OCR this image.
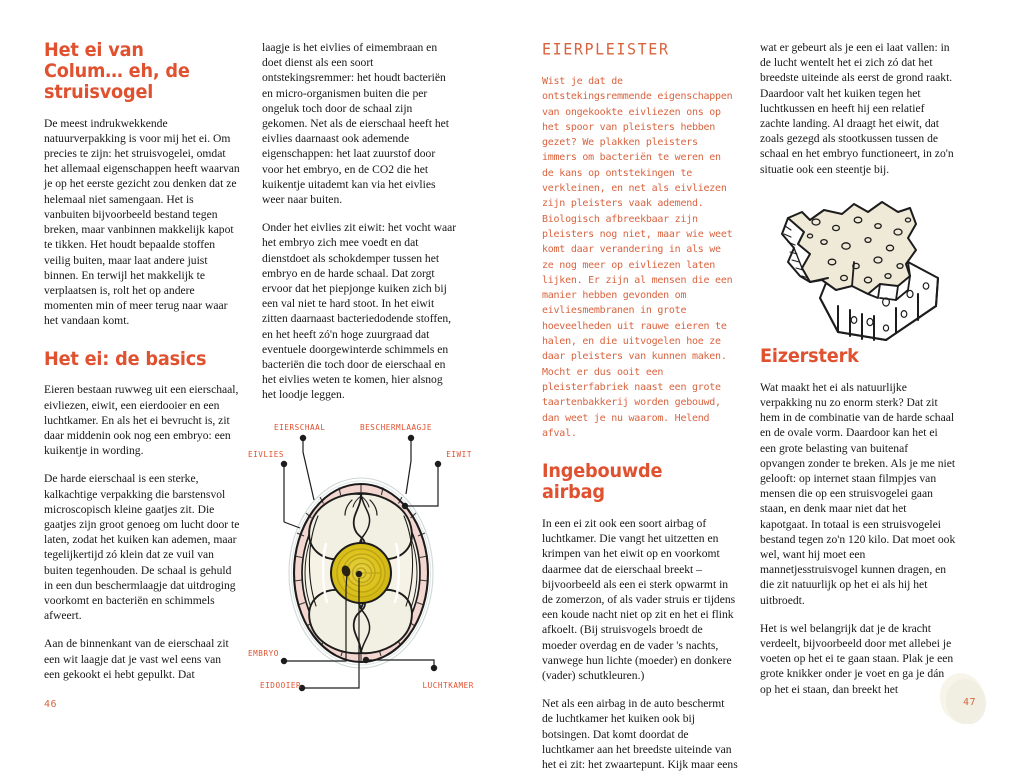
Het ei van Colum… eh, de struisvogel

De meest indrukwekkende natuurverpakking is voor mij het ei. Om precies te zijn: het struisvogelei, omdat het allemaal eigenschappen heeft waarvan je op het eerste gezicht zou denken dat ze helemaal niet samengaan. Het is vanbuiten bijvoorbeeld bestand tegen breken, maar vanbinnen makkelijk kapot te tikken. Het houdt bepaalde stoffen veilig buiten, maar laat andere juist binnen. En terwijl het makkelijk te verplaatsen is, rolt het op andere momenten min of meer terug naar waar het vandaan komt.

Het ei: de basics

Eieren bestaan ruwweg uit een eierschaal, eivliezen, eiwit, een eierdooier en een luchtkamer. En als het ei bevrucht is, zit daar middenin ook nog een embryo: een kuikentje in wording.

De harde eierschaal is een sterke, kalkachtige verpakking die barstensvol microscopisch kleine gaatjes zit. Die gaatjes zijn groot genoeg om lucht door te laten, zodat het kuiken kan ademen, maar tegelijkertijd zó klein dat ze vuil van buiten tegenhouden. De schaal is gehuld in een dun beschermlaagje dat uitdroging voorkomt en bacteriën en schimmels afweert.

Aan de binnenkant van de eierschaal zit een wit laagje dat je vast wel eens van een gekookt ei hebt gepulkt. Dat

laagje is het eivlies of eimembraan en doet dienst als een soort ontstekingsremmer: het houdt bacteriën en micro-organismen buiten die per ongeluk toch door de schaal zijn gekomen. Net als de eierschaal heeft het eivlies daarnaast ook ademende eigenschappen: het laat zuurstof door voor het embryo, en de CO2 die het kuikentje uitademt kan via het eivlies weer naar buiten.

Onder het eivlies zit eiwit: het vocht waar het embryo zich mee voedt en dat dienstdoet als schokdemper tussen het embryo en de harde schaal. Dat zorgt ervoor dat het piepjonge kuiken zich bij een val niet te hard stoot. In het eiwit zitten daarnaast bacteriedodende stoffen, en het heeft zó'n hoge zuurgraad dat eventuele doorgewinterde schimmels en bacteriën die toch door de eierschaal en het eivlies weten te komen, hier alsnog het loodje leggen.

EIERSCHAAL	BESCHERMLAAGJE
EIVLIES	EIWIT
EMBRYO
EIDOOIER	LUCHTKAMER
46
EIERPLEISTER

Wist je dat de ontstekingsremmende eigenschappen van ongekookte eivliezen ons op het spoor van pleisters hebben gezet? We plakken pleisters immers om bacteriën te weren en de kans op ontstekingen te verkleinen, en net als eivliezen zijn pleisters vaak ademend. Biologisch afbreekbaar zijn pleisters nog niet, maar wie weet komt daar verandering in als we ze nog meer op eivliezen laten lijken. Er zijn al mensen die een manier hebben gevonden om eivliesmembranen in grote hoeveelheden uit rauwe eieren te halen, en die uitvogelen hoe ze daar pleisters van kunnen maken. Mocht er dus ooit een pleisterfabriek naast een grote taartenbakkerij worden gebouwd, dan weet je nu waarom. Helend afval.

Ingebouwde airbag

In een ei zit ook een soort airbag of luchtkamer. Die vangt het uitzetten en krimpen van het eiwit op en voorkomt daarmee dat de eierschaal breekt – bijvoorbeeld als een ei sterk opwarmt in de zomerzon, of als vader struis er tijdens een koude nacht niet op zit en het ei flink afkoelt. (Bij struisvogels broedt de moeder overdag en de vader 's nachts, vanwege hun lichte (moeder) en donkere (vader) schutkleuren.)

Net als een airbag in de auto beschermt de luchtkamer het kuiken ook bij botsingen. Dat komt doordat de luchtkamer aan het breedste uiteinde van het ei zit: het zwaartepunt. Kijk maar eens

wat er gebeurt als je een ei laat vallen: in de lucht wentelt het ei zich zó dat het breedste uiteinde als eerst de grond raakt. Daardoor valt het kuiken tegen het luchtkussen en heeft hij een relatief zachte landing. Al draagt het eiwit, dat zoals gezegd als stootkussen tussen de schaal en het embryo functioneert, in zo'n situatie ook een steentje bij.

Eizersterk

Wat maakt het ei als natuurlijke verpakking nu zo enorm sterk? Dat zit hem in de combinatie van de harde schaal en de ovale vorm. Daardoor kan het ei een grote belasting van buitenaf opvangen zonder te breken. Als je me niet gelooft: op internet staan filmpjes van mensen die op een struisvogelei gaan staan, en denk maar niet dat het kapotgaat. In totaal is een struisvogelei bestand tegen zo'n 120 kilo. Dat moet ook wel, want hij moet een mannetjesstruisvogel kunnen dragen, en die zit natuurlijk op het ei als hij het uitbroedt.

Het is wel belangrijk dat je de kracht verdeelt, bijvoorbeeld door met allebei je voeten op het ei te gaan staan. Plak je een grote knikker onder je voet en ga je dán op het ei staan, dan breekt het

47
